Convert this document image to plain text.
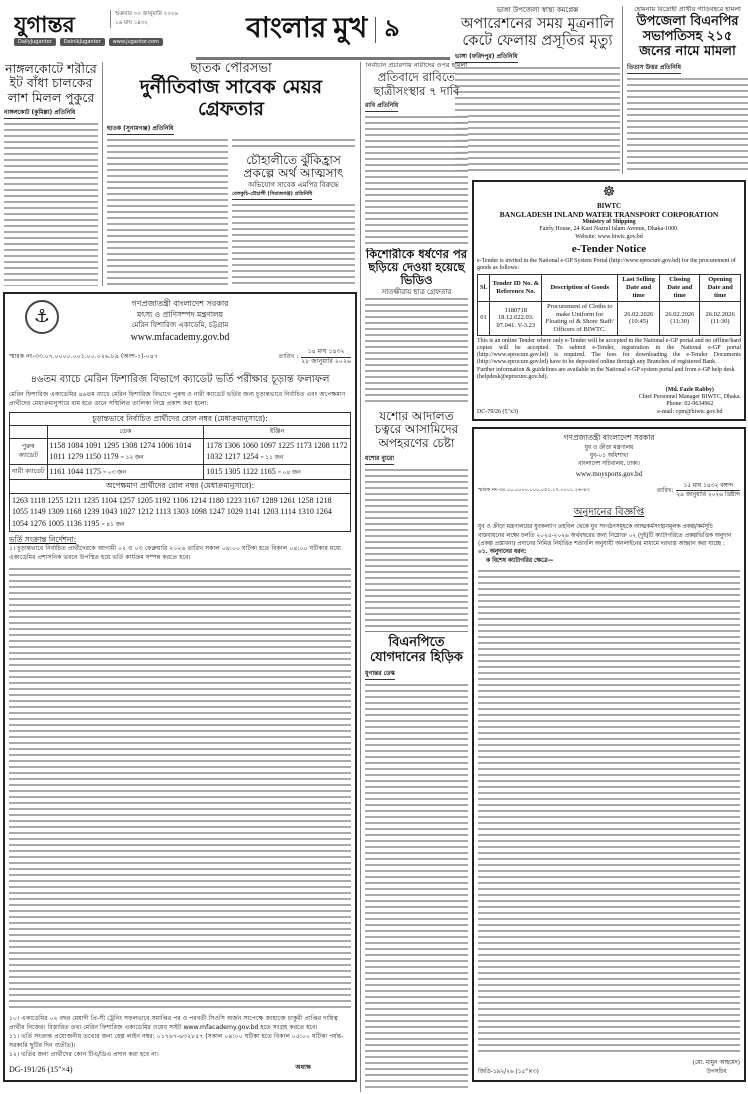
যুগান্তর	শুক্রবার ৩০ জানুয়ারি ২০২৬
১৬ মাঘ ১৪৩২
DailyJugantor	DainikJugantor	www.jugantor.com	বাংলার মুখ ৯
ভাঙ্গা উপজেলা স্বাস্থ্য কমপ্লেক্স
অপারেশনের সময় মূত্রনালি কেটে ফেলায় প্রসূতির মৃত্যু
ভাঙ্গা (ফরিদপুর) প্রতিনিধি
হোমনায় বিদ্রোহী প্রার্থীর গাড়িবহরে হামলা
উপজেলা বিএনপির সভাপতিসহ ২১৫ জনের নামে মামলা
তিতাস উত্তর প্রতিনিধি
নাঙ্গলকোটে শরীরে ইট বাঁধা চালকের লাশ মিলল পুকুরে
নাঙ্গলকোট (কুমিল্লা) প্রতিনিধি
ছাতক পৌরসভা
দুর্নীতিবাজ সাবেক মেয়র গ্রেফতার
ছাতক (সুনামগঞ্জ) প্রতিনিধি
চৌহালীতে ঝুঁকিহ্রাস প্রকল্পে অর্থ আত্মসাৎ
অভিযোগ সাবেক এমপির বিরুদ্ধে
বেলকুচি-চৌহালী (সিরাজগঞ্জ) প্রতিনিধি
নির্বাচনি প্রচারণায় নারীদের ওপর হামলা
প্রতিবাদে রাবিতে ছাত্রীসংস্থার ৭ দাবি
রাবি প্রতিনিধি
কিশোরীকে ধর্ষণের পর ছড়িয়ে দেওয়া হয়েছে ভিডিও
সাতক্ষীরায় ছাত্র গ্রেফতার
যশোর আদালত চত্বরে আসামিদের অপহরণের চেষ্টা
যশোর ব্যুরো
বিএনপিতে যোগদানের হিড়িক
যুগান্তর ডেস্ক
☸
BIWTC
BANGLADESH INLAND WATER TRANSPORT CORPORATION
Ministry of Shipping
Fairly House, 24 Kazi Nazrul Islam Avenue, Dhaka-1000.
Website: www.biwtc.gov.bd
e-Tender Notice
e-Tender is invited in the National e-GP System Portal (http://www.eprocure.gov.bd) for the procurement of goods as follows:
Sl.	Tender ID No. & Reference No.	Description of Goods	Last Selling Date and time	Closing Date and time	Opening Date and time
01	1180718 18.12.022.03. 07.041. V-3.23	Procurement of Cloths to make Uniform for Floating of & Shore Staff/ Officers of BIWTC.	26.02.2026 (10:45)	26.02.2026 (11:30)	26.02.2026 (11:30)
This is an online Tender where only e-Tender will be accepted in the National e-GP portal and no offline/hard copies will be accepted. To submit e-Tender, registration in the National e-GP portal (http://www.eprocure.gov.bd) is required. The fees for downloading the e-Tender Documents (http://www.eprocure.gov.bd) have to be deposited online through any Branches of registered Bank.
Further information & guidelines are available in the National e-GP system portal and from e-GP help desk (helpdesk@eprocure.gov.bd).
DC-79/26 (5"x3)
(Md. Fazle Rabby)
Chief Personnel Manager BIWTC, Dhaka.
Phone: 02-9634962
e-mail: cpm@biwtc.gov.bd
গণপ্রজাতন্ত্রী বাংলাদেশ সরকার
যুব ও ক্রীড়া মন্ত্রণালয়
যুব-০১ অধিশাখা
বাংলাদেশ সচিবালয়, ঢাকা।
www.moysports.gov.bd
স্মারক নং-৩৪.০০.০০০০.০০০.০৫১.১৭.০০০১.২৬-৪৩	তারিখ:
১৫ মাঘ ১৪৩২ বঙ্গাব্দ
২৯ জানুয়ারি ২০২৬ খ্রিষ্টাব্দ
অনুদানের বিজ্ঞপ্তি
যুব ও ক্রীড়া মন্ত্রণালয়ের যুবকল্যাণ তহবিল থেকে যুব সংগঠনসমূহকে আত্মকর্মসংস্থানমূলক প্রকল্প/কর্মসূচি বাস্তবায়নের লক্ষ্যে চলতি ২০২৫-২০২৬ অর্থবছরের জন্য নিম্নোক্ত ০২ (দুই)টি ক্যাটাগরিতে প্রকল্পভিত্তিক অনুদান (প্রকল্প প্রস্তাবনা) প্রদানের নিমিত্ত নির্ধারিত শর্তাবলি অনুযায়ী অনলাইনের মাধ্যমে দরখাস্ত আহ্বান করা যাচ্ছে :
০১. অনুদানের ধরন:
ক বিশেষ ক্যাটাগরির ক্ষেত্রে—
জিডি-১৯২/২৬ (১৫"×৩)
(মো. মামুন আহমেদ)
উপসচিব
⚓
গণপ্রজাতন্ত্রী বাংলাদেশ সরকার
মৎস্য ও প্রাণিসম্পদ মন্ত্রণালয়
মেরিন ফিশারিজ একাডেমি, চট্টগ্রাম
www.mfacademy.gov.bd
স্মারক নং-৩৩.০৭.০০০০.০০১.০০.০২৬.৮৯ (অংশ-১)-০৪৭	তারিখ :
১৪ মাঘ ১৪৩২
২৮ জানুয়ারি ২০২৬
৪৬তম ব্যাচে মেরিন ফিশারিজ বিভাগে ক্যাডেট ভর্তি পরীক্ষার চূড়ান্ত ফলাফল
মেরিন ফিশারিজ একাডেমির ৪৬তম ব্যাচে মেরিন ফিশারিজ বিভাগে পুরুষ ও নারী ক্যাডেট ভর্তির জন্য চূড়ান্তভাবে নির্বাচিত এবং অপেক্ষমাণ প্রার্থীদের মেধাক্রমানুসারে বাম হতে ডানে সম্মিলিত তালিকা নিম্নে প্রকাশ করা হলো:
চূড়ান্তভাবে নির্বাচিত প্রার্থীদের রোল নম্বর (মেধাক্রমানুসারে):		
	ডেক	ইঞ্জিন
পুরুষ ক্যাডেট	1158 1084 1091 1295 1308 1274 1006 1014 1011 1279 1150 1179 = ১২ জন	1178 1306 1060 1097 1225 1173 1208 1172 1032 1217 1254 = ১১ জন
নারী ক্যাডেট	1161 1044 1175 = ০৩ জন	1015 1305 1122 1165 = ০৪ জন
অপেক্ষমাণ প্রার্থীদের রোল নম্বর (মেধাক্রমানুসারে):		
1263 1118 1255 1211 1235 1104 1257 1205 1192 1106 1214 1180 1223 1167 1289 1261 1258 1218 1055 1149 1309 1168 1239 1043 1027 1212 1113 1303 1098 1247 1029 1141 1203 1114 1310 1264 1054 1276 1005 1136 1195 = ৪১ জন		
ভর্তি সংক্রান্ত নির্দেশনা:
১। চূড়ান্তভাবে নির্বাচিত প্রার্থীদেরকে আগামী ০২ ও ০৩ ফেব্রুয়ারি ২০২৬ তারিখ সকাল ০৯:০০ ঘটিকা হতে বিকাল ০৪:০০ ঘটিকার মধ্যে একাডেমির প্রশাসনিক ভবনে উপস্থিত হয়ে ভর্তি কার্যক্রম সম্পন্ন করতে হবে।
১০। একাডেমির ০২ বছর মেয়াদী প্রি-সী ট্রেনিং সফলভাবে সমাপ্তির পর ও পরবর্তী সিওসি অর্জন সাপেক্ষে জাহাজে চাকুরী প্রাপ্তির দায়িত্ব প্রার্থীর নিজের। বিস্তারিত তথ্য মেরিন ফিশারিজ একাডেমির ওয়েব সাইট www.mfacademy.gov.bd হতে সংগ্রহ করতে হবে।
১১। ভর্তি সংক্রান্ত প্রয়োজনীয় তথ্যের জন্য হেল্প লাইন নম্বর: ০১৭৬৭-৬৩২৮৫৭ (সকাল ০৯:০০ ঘটিকা হতে বিকাল ০৫:০০ ঘটিকা পর্যন্ত- সরকারি ছুটির দিন ব্যতীত)।
১২। ভর্তির জন্য প্রার্থীদের কোন টিএ/ডিএ প্রদান করা হবে না।
DG-191/26 (15"×4)	অধ্যক্ষ
